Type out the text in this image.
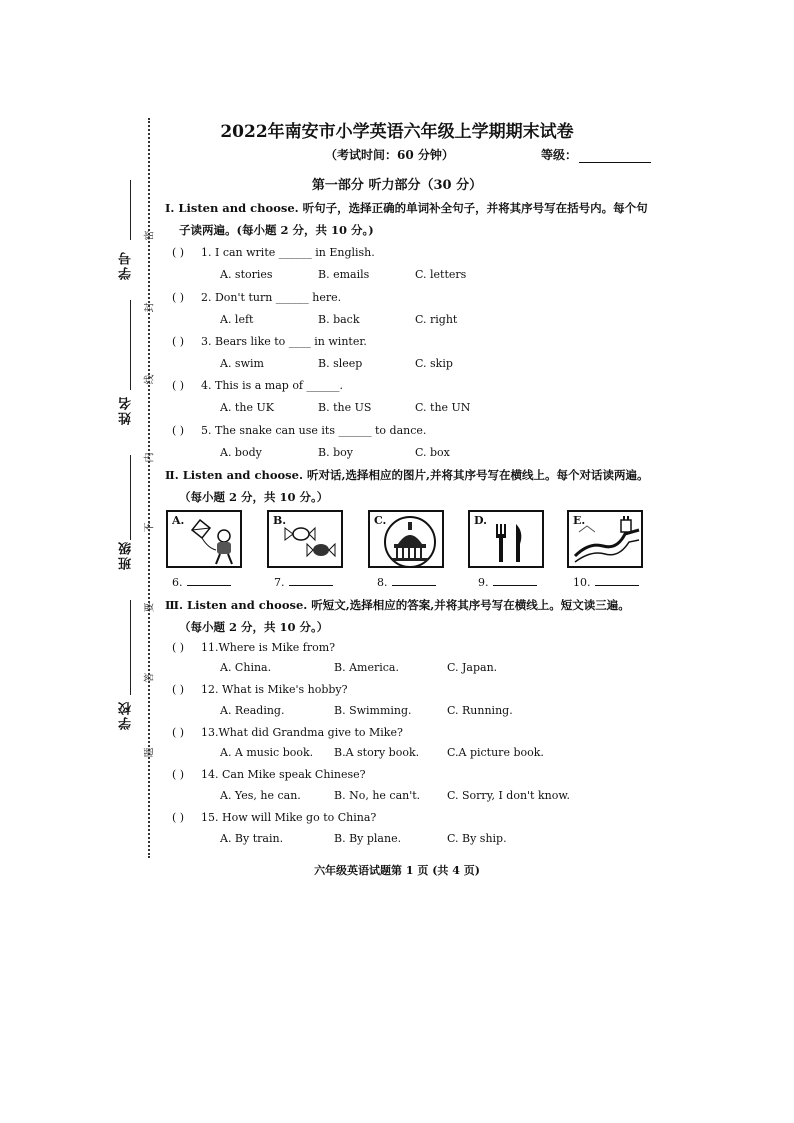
学号
姓名
班级
学校
密
封
线
内
不
要
答
题
2022年南安市小学英语六年级上学期期末试卷
（考试时间：60 分钟）	等级：
第一部分 听力部分（30 分）
Ⅰ. Listen and choose. 听句子，选择正确的单词补全句子，并将其序号写在括号内。每个句
子读两遍。(每小题 2 分，共 10 分。)
( ) 1. I can write ______ in English.
A. stories	B. emails	C. letters
( ) 2. Don't turn ______ here.
A. left	B. back	C. right
( ) 3. Bears like to ____ in winter.
A. swim	B. sleep	C. skip
( ) 4. This is a map of ______.
A. the UK	B. the US	C. the UN
( ) 5. The snake can use its ______ to dance.
A. body	B. boy	C. box
Ⅱ. Listen and choose. 听对话,选择相应的图片,并将其序号写在横线上。每个对话读两遍。
（每小题 2 分，共 10 分。）
A.	B.	C.	D.	E.
6.	7.	8.	9.	10.
Ⅲ. Listen and choose. 听短文,选择相应的答案,并将其序号写在横线上。短文读三遍。
（每小题 2 分，共 10 分。）
( ) 11.Where is Mike from?
A. China.	B. America.	C. Japan.
( ) 12. What is Mike's hobby?
A. Reading.	B. Swimming.	C. Running.
( ) 13.What did Grandma give to Mike?
A. A music book. B.A story book.	C.A picture book.
( ) 14. Can Mike speak Chinese?
A. Yes, he can.	B. No, he can't. C. Sorry, I don't know.
( ) 15. How will Mike go to China?
A. By train.	B. By plane.	C. By ship.
六年级英语试题第 1 页 (共 4 页)
